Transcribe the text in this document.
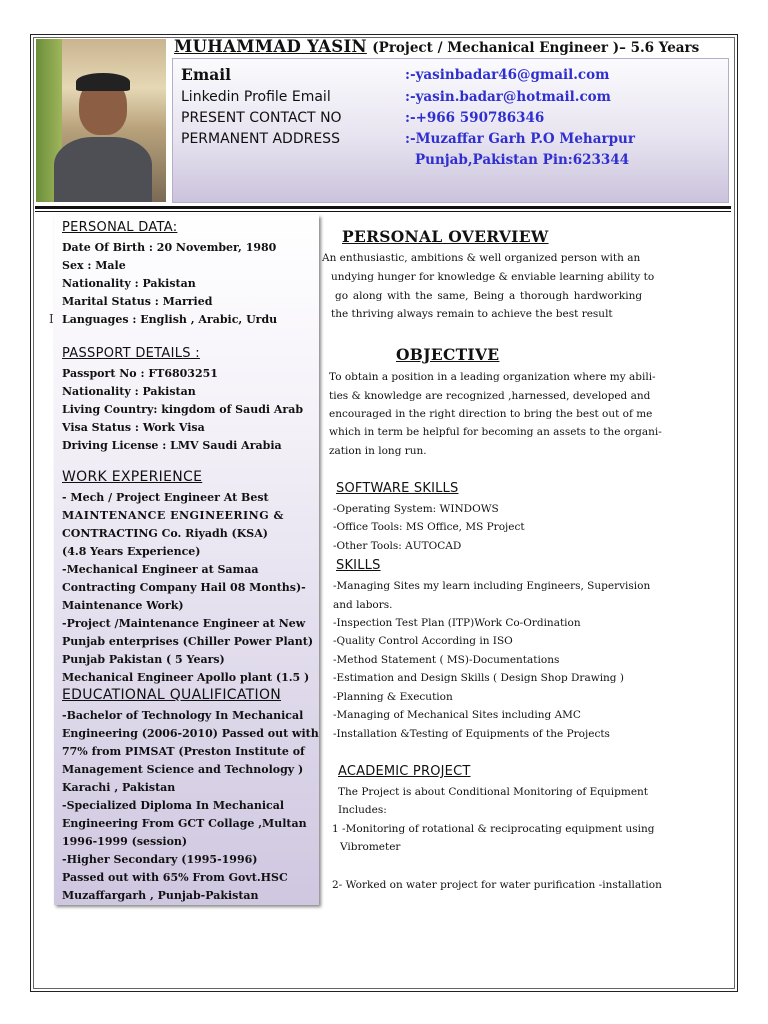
MUHAMMAD YASIN (Project / Mechanical Engineer )– 5.6 Years
Email	:-yasinbadar46@gmail.com
Linkedin Profile Email	:-yasin.badar@hotmail.com
PRESENT CONTACT NO	:-+966 590786346
PERMANENT ADDRESS	:-Muzaffar Garh P.O Meharpur
Punjab,Pakistan Pin:623344
I
PERSONAL DATA:
Date Of Birth : 20 November, 1980
Sex : Male
Nationality : Pakistan
Marital Status : Married
Languages : English , Arabic, Urdu
PASSPORT DETAILS :
Passport No : FT6803251
Nationality : Pakistan
Living Country: kingdom of Saudi Arab
Visa Status : Work Visa
Driving License : LMV Saudi Arabia
WORK EXPERIENCE
- Mech / Project Engineer At Best
MAINTENANCE ENGINEERING &
CONTRACTING Co. Riyadh (KSA)
(4.8 Years Experience)
-Mechanical Engineer at Samaa
Contracting Company Hail 08 Months)-
Maintenance Work)
-Project /Maintenance Engineer at New
Punjab enterprises (Chiller Power Plant)
Punjab Pakistan ( 5 Years)
Mechanical Engineer Apollo plant (1.5 )
EDUCATIONAL QUALIFICATION
-Bachelor of Technology In Mechanical
Engineering (2006-2010) Passed out with
77% from PIMSAT (Preston Institute of
Management Science and Technology )
Karachi , Pakistan
-Specialized Diploma In Mechanical
Engineering From GCT Collage ,Multan
1996-1999 (session)
-Higher Secondary (1995-1996)
Passed out with 65% From Govt.HSC
Muzaffargarh , Punjab-Pakistan
PERSONAL OVERVIEW
An enthusiastic, ambitions & well organized person with an
undying hunger for knowledge & enviable learning ability to
go along with the same, Being a thorough hardworking
the thriving always remain to achieve the best result
OBJECTIVE
To obtain a position in a leading organization where my abili-
ties & knowledge are recognized ,harnessed, developed and
encouraged in the right direction to bring the best out of me
which in term be helpful for becoming an assets to the organi-
zation in long run.
SOFTWARE SKILLS
-Operating System: WINDOWS
-Office Tools: MS Office, MS Project
-Other Tools: AUTOCAD
SKILLS
-Managing Sites my learn including Engineers, Supervision
and labors.
-Inspection Test Plan (ITP)Work Co-Ordination
-Quality Control According in ISO
-Method Statement ( MS)-Documentations
-Estimation and Design Skills ( Design Shop Drawing )
-Planning & Execution
-Managing of Mechanical Sites including AMC
-Installation &Testing of Equipments of the Projects
ACADEMIC PROJECT
The Project is about Conditional Monitoring of Equipment
Includes:
1 -Monitoring of rotational & reciprocating equipment using
Vibrometer
2- Worked on water project for water purification -installation
